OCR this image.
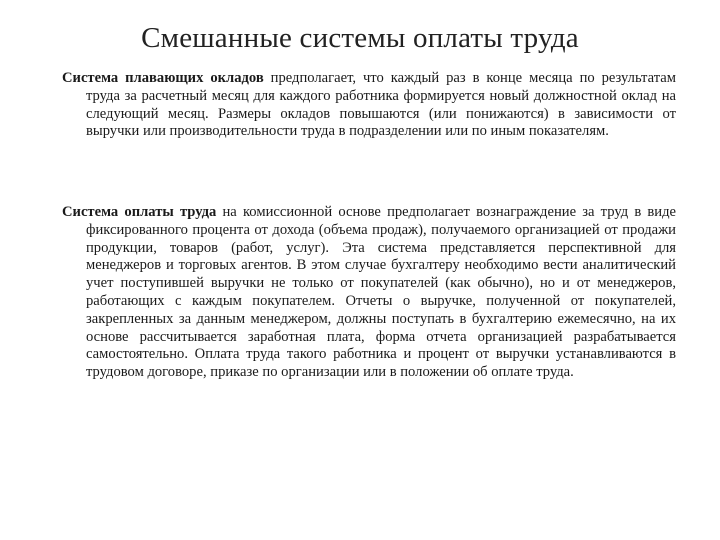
Смешанные системы оплаты труда

Система плавающих окладов предполагает, что каждый раз в конце месяца по результатам труда за расчетный месяц для каждого работника формируется новый должностной оклад на следующий месяц. Размеры окладов повышаются (или понижаются) в зависимости от выручки или производительности труда в подразделении или по иным показателям.

Система оплаты труда на комиссионной основе предполагает вознаграждение за труд в виде фиксированного процента от дохода (объема продаж), получаемого организацией от продажи продукции, товаров (работ, услуг). Эта система представляется перспективной для менеджеров и торговых агентов. В этом случае бухгалтеру необходимо вести аналитический учет поступившей выручки не только от покупателей (как обычно), но и от менеджеров, работающих с каждым покупателем. Отчеты о выручке, полученной от покупателей, закрепленных за данным менеджером, должны поступать в бухгалтерию ежемесячно, на их основе рассчитывается заработная плата, форма отчета организацией разрабатывается самостоятельно. Оплата труда такого работника и процент от выручки устанавливаются в трудовом договоре, приказе по организации или в положении об оплате труда.
